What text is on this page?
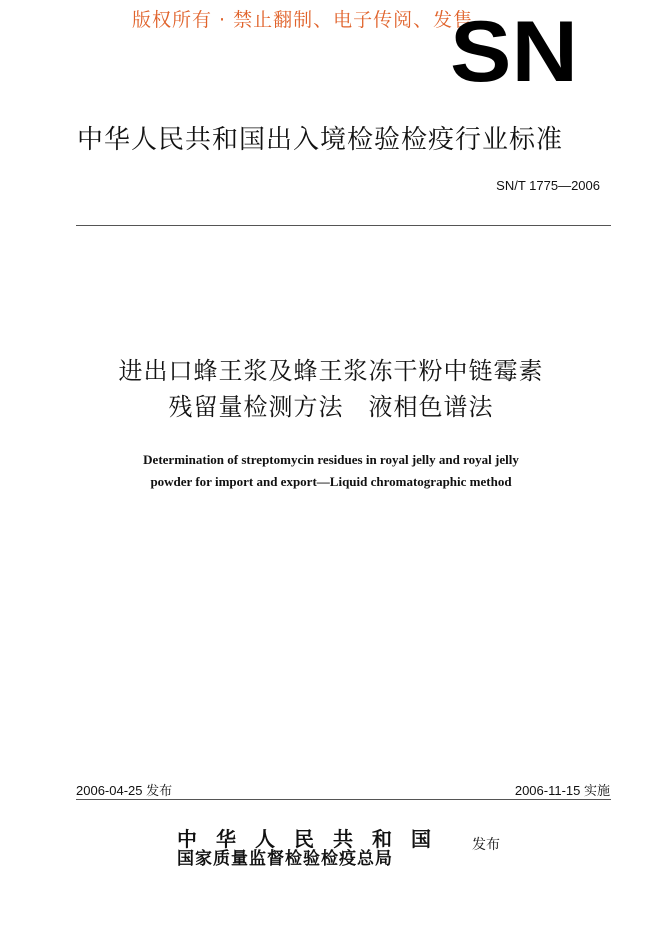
版权所有 · 禁止翻制、电子传阅、发售
SN
中华人民共和国出入境检验检疫行业标准
SN/T 1775—2006
进出口蜂王浆及蜂王浆冻干粉中链霉素
残留量检测方法　液相色谱法
Determination of streptomycin residues in royal jelly and royal jelly
powder for import and export—Liquid chromatographic method
2006-04-25 发布	2006-11-15 实施
中华人民共和国
国家质量监督检验检疫总局
发布
